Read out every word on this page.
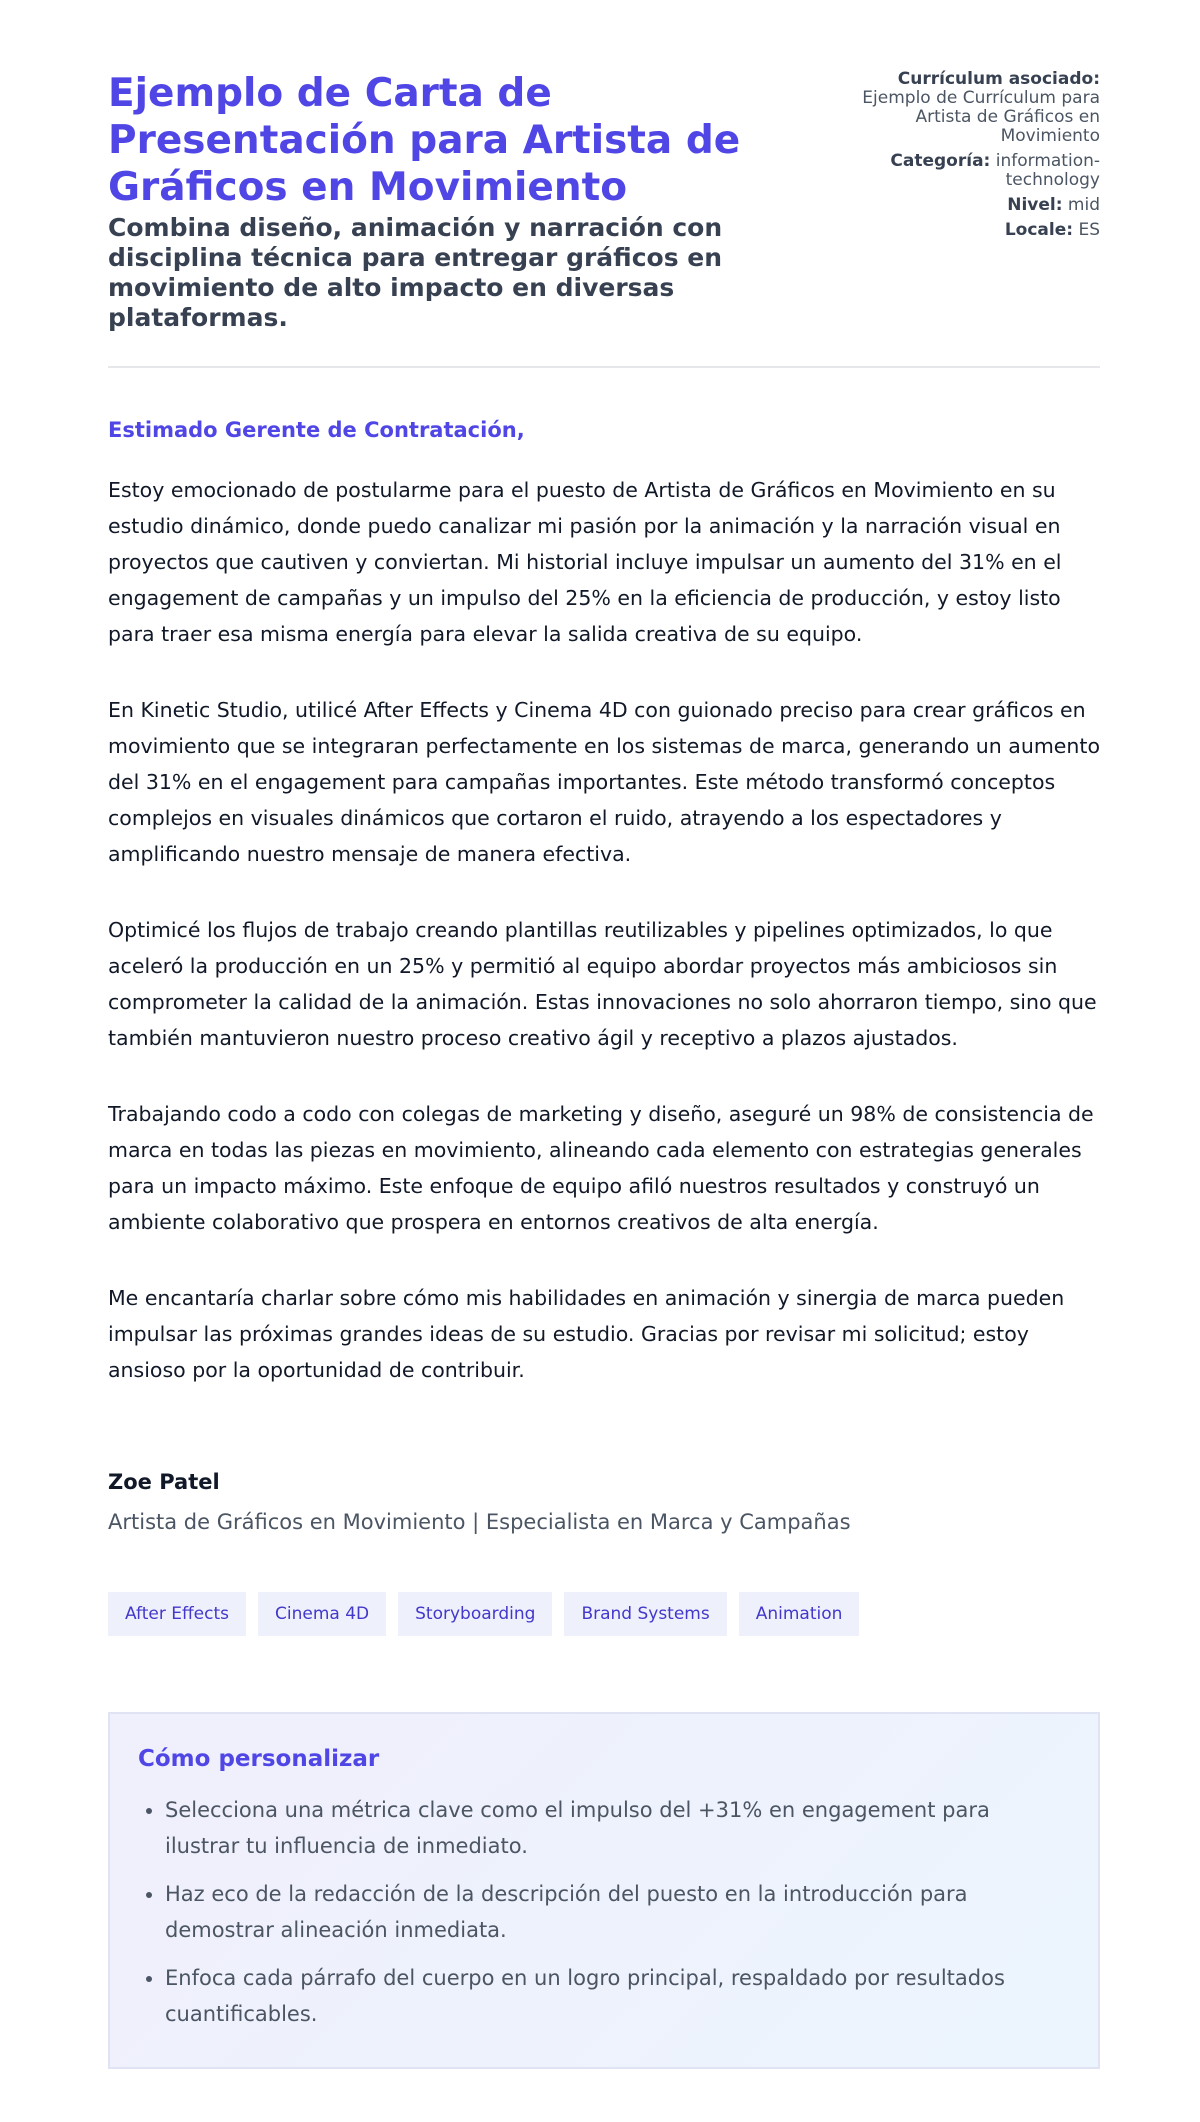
Ejemplo de Carta de Presentación para Artista de Gráficos en Movimiento

Combina diseño, animación y narración con disciplina técnica para entregar gráficos en movimiento de alto impacto en diversas plataformas.

Currículum asociado:
Ejemplo de Currículum para Artista de Gráficos en Movimiento
Categoría: information-technology
Nivel: mid
Locale: ES
Estimado Gerente de Contratación,

Estoy emocionado de postularme para el puesto de Artista de Gráficos en Movimiento en su estudio dinámico, donde puedo canalizar mi pasión por la animación y la narración visual en proyectos que cautiven y conviertan. Mi historial incluye impulsar un aumento del 31% en el engagement de campañas y un impulso del 25% en la eficiencia de producción, y estoy listo para traer esa misma energía para elevar la salida creativa de su equipo.

En Kinetic Studio, utilicé After Effects y Cinema 4D con guionado preciso para crear gráficos en movimiento que se integraran perfectamente en los sistemas de marca, generando un aumento del 31% en el engagement para campañas importantes. Este método transformó conceptos complejos en visuales dinámicos que cortaron el ruido, atrayendo a los espectadores y amplificando nuestro mensaje de manera efectiva.

Optimicé los flujos de trabajo creando plantillas reutilizables y pipelines optimizados, lo que aceleró la producción en un 25% y permitió al equipo abordar proyectos más ambiciosos sin comprometer la calidad de la animación. Estas innovaciones no solo ahorraron tiempo, sino que también mantuvieron nuestro proceso creativo ágil y receptivo a plazos ajustados.

Trabajando codo a codo con colegas de marketing y diseño, aseguré un 98% de consistencia de marca en todas las piezas en movimiento, alineando cada elemento con estrategias generales para un impacto máximo. Este enfoque de equipo afiló nuestros resultados y construyó un ambiente colaborativo que prospera en entornos creativos de alta energía.

Me encantaría charlar sobre cómo mis habilidades en animación y sinergia de marca pueden impulsar las próximas grandes ideas de su estudio. Gracias por revisar mi solicitud; estoy ansioso por la oportunidad de contribuir.

Zoe Patel
Artista de Gráficos en Movimiento | Especialista en Marca y Campañas
After Effects	Cinema 4D	Storyboarding	Brand Systems	Animation
Cómo personalizar
• Selecciona una métrica clave como el impulso del +31% en engagement para ilustrar tu influencia de inmediato.
• Haz eco de la redacción de la descripción del puesto en la introducción para demostrar alineación inmediata.
• Enfoca cada párrafo del cuerpo en un logro principal, respaldado por resultados cuantificables.
